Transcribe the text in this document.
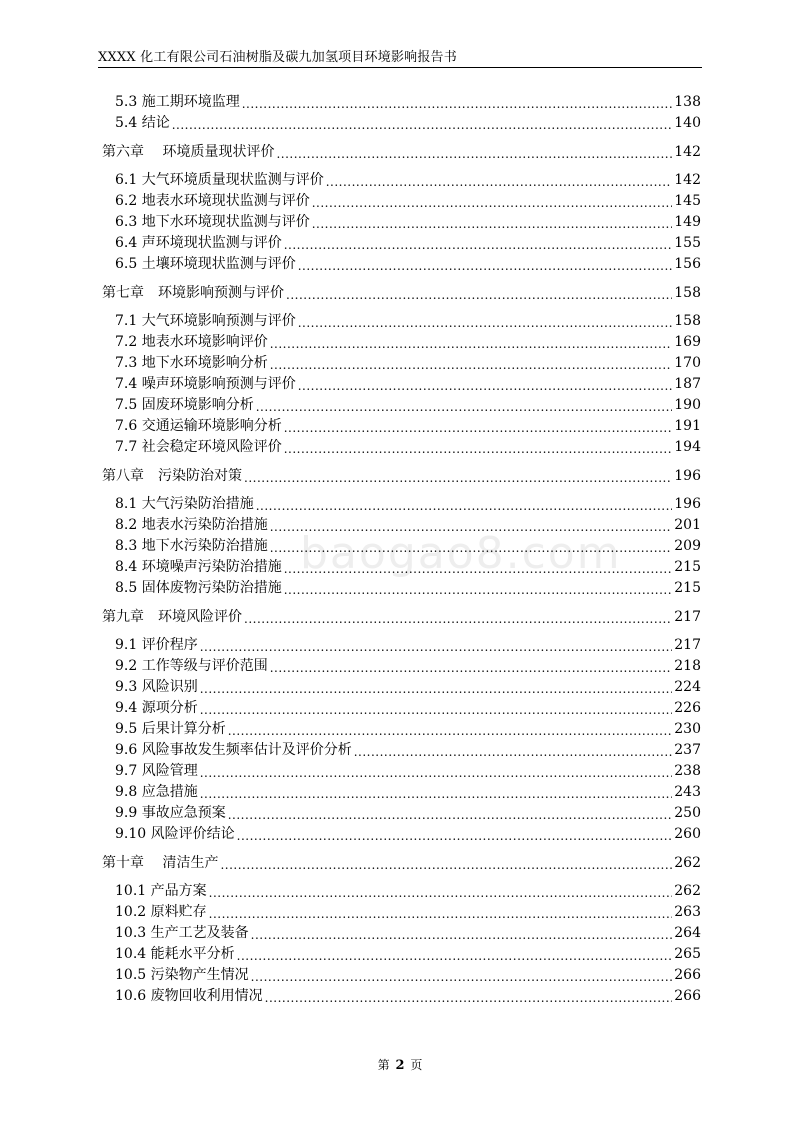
XXXX 化工有限公司石油树脂及碳九加氢项目环境影响报告书
baogao8.com
5.3 施工期环境监理 .....	138
5.4 结论 .....	140
第六章　 环境质量现状评价 .....	142
6.1 大气环境质量现状监测与评价 .....	142
6.2 地表水环境现状监测与评价 .....	145
6.3 地下水环境现状监测与评价 .....	149
6.4 声环境现状监测与评价 .....	155
6.5 土壤环境现状监测与评价 .....	156
第七章　环境影响预测与评价 .....	158
7.1 大气环境影响预测与评价 .....	158
7.2 地表水环境影响评价 .....	169
7.3 地下水环境影响分析 .....	170
7.4 噪声环境影响预测与评价 .....	187
7.5 固废环境影响分析 .....	190
7.6 交通运输环境影响分析 .....	191
7.7 社会稳定环境风险评价 .....	194
第八章　污染防治对策 .....	196
8.1 大气污染防治措施 .....	196
8.2 地表水污染防治措施 .....	201
8.3 地下水污染防治措施 .....	209
8.4 环境噪声污染防治措施 .....	215
8.5 固体废物污染防治措施 .....	215
第九章　环境风险评价 .....	217
9.1 评价程序 .....	217
9.2 工作等级与评价范围 .....	218
9.3 风险识别 .....	224
9.4 源项分析 .....	226
9.5 后果计算分析 .....	230
9.6 风险事故发生频率估计及评价分析 .....	237
9.7 风险管理 .....	238
9.8 应急措施 .....	243
9.9 事故应急预案 .....	250
9.10 风险评价结论 .....	260
第十章　 清洁生产 .....	262
10.1 产品方案 .....	262
10.2 原料贮存 .....	263
10.3 生产工艺及装备 .....	264
10.4 能耗水平分析 .....	265
10.5 污染物产生情况 .....	266
10.6 废物回收利用情况 .....	266
第 2 页
